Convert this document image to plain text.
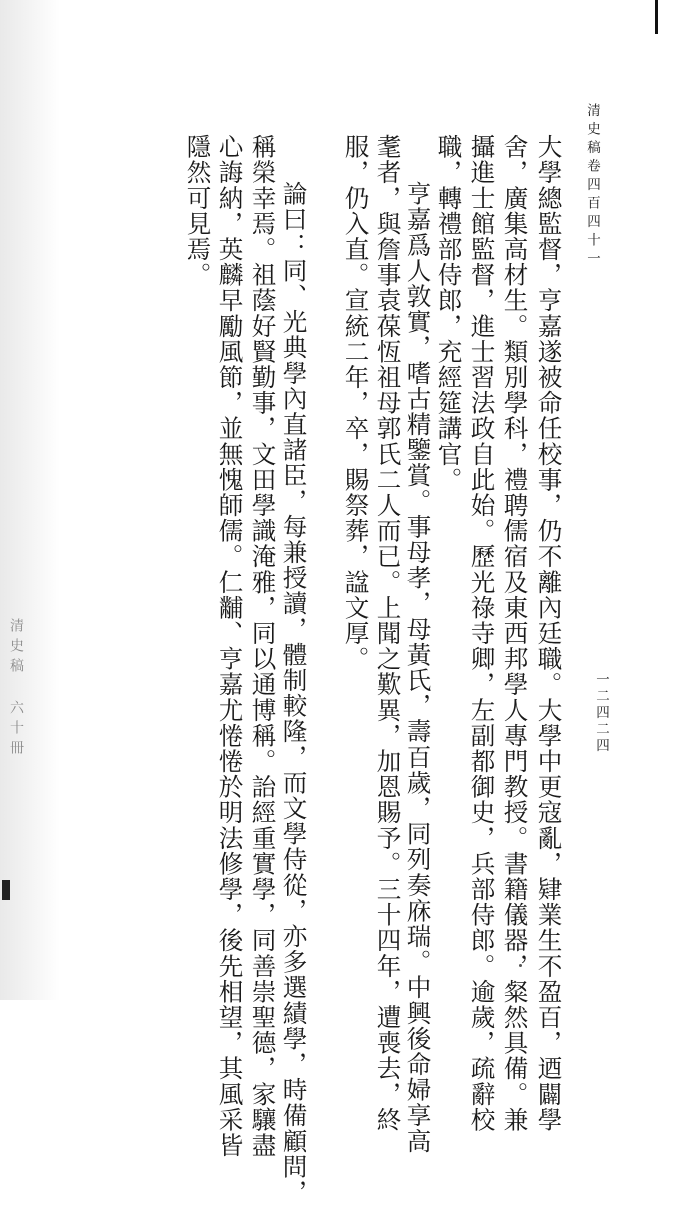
清史稿 六十冊
清史稿卷四百四十一
一二四二四
大學總監督，亨嘉遂被命任校事，仍不離內廷職。大學中更寇亂，肄業生不盈百，迺闢學
舍，廣集高材生。類別學科，禮聘儒宿及東西邦學人專門教授。書籍儀器，粲然具備。兼
攝進士館監督，進士習法政自此始。歷光祿寺卿，左副都御史，兵部侍郎。逾歲，疏辭校
職，轉禮部侍郎，充經筵講官。
亨嘉爲人敦實，嗜古精鑒賞。事母孝，母黃氏，壽百歲，同列奏庥瑞。中興後命婦享高
耄者，與詹事袁葆恆祖母郭氏二人而已。上聞之歎異，加恩賜予。三十四年，遭喪去，終
服，仍入直。宣統二年，卒，賜祭葬，諡文厚。
論曰：同、光典學內直諸臣，每兼授讀，體制較隆，而文學侍從，亦多選績學，時備顧問，
稱榮幸焉。祖蔭好賢勤事，文田學識淹雅，同以通博稱。詒經重實學，同善崇聖德，家驤盡
心誨納，英麟早勵風節，並無愧師儒。仁黼、亨嘉尤惓惓於明法修學，後先相望，其風采皆
隱然可見焉。
